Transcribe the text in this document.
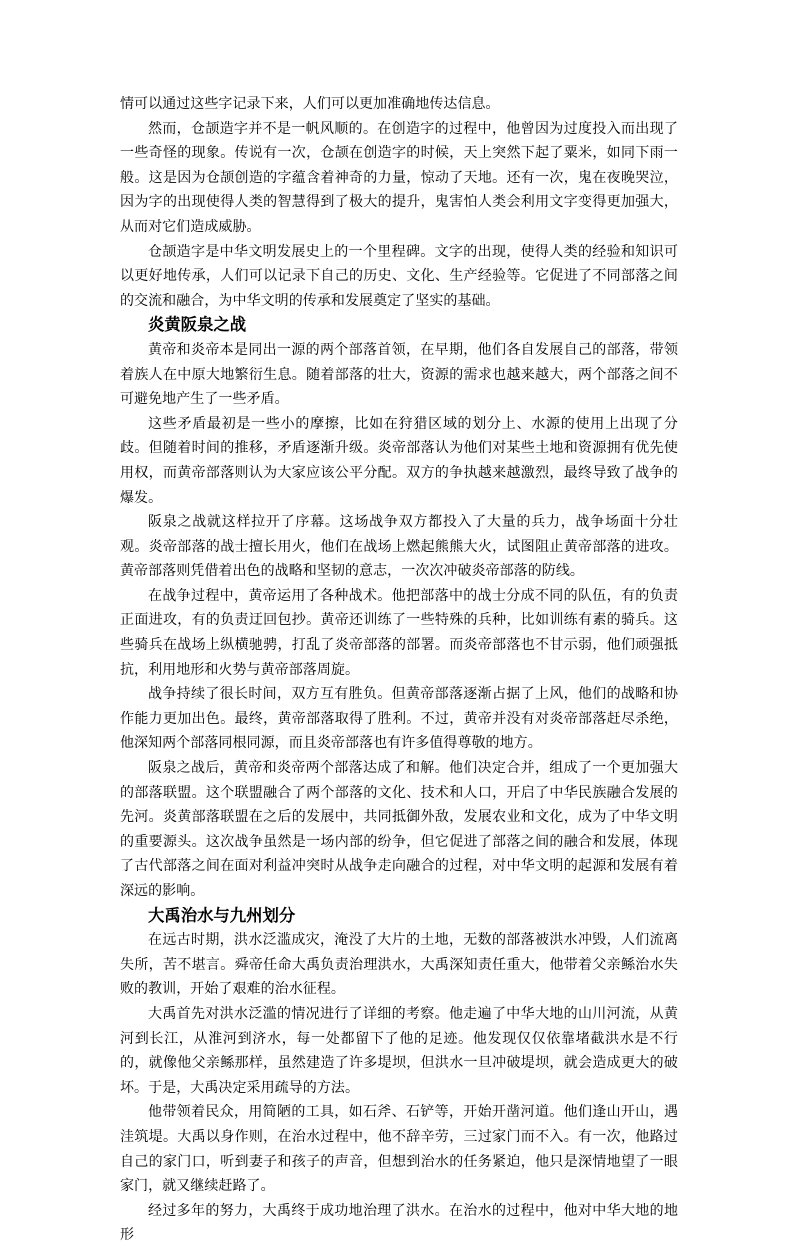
情可以通过这些字记录下来，人们可以更加准确地传达信息。

然而，仓颉造字并不是一帆风顺的。在创造字的过程中，他曾因为过度投入而出现了一些奇怪的现象。传说有一次，仓颉在创造字的时候，天上突然下起了粟米，如同下雨一般。这是因为仓颉创造的字蕴含着神奇的力量，惊动了天地。还有一次，鬼在夜晚哭泣，因为字的出现使得人类的智慧得到了极大的提升，鬼害怕人类会利用文字变得更加强大，从而对它们造成威胁。

仓颉造字是中华文明发展史上的一个里程碑。文字的出现，使得人类的经验和知识可以更好地传承，人们可以记录下自己的历史、文化、生产经验等。它促进了不同部落之间的交流和融合，为中华文明的传承和发展奠定了坚实的基础。

炎黄阪泉之战

黄帝和炎帝本是同出一源的两个部落首领，在早期，他们各自发展自己的部落，带领着族人在中原大地繁衍生息。随着部落的壮大，资源的需求也越来越大，两个部落之间不可避免地产生了一些矛盾。

这些矛盾最初是一些小的摩擦，比如在狩猎区域的划分上、水源的使用上出现了分歧。但随着时间的推移，矛盾逐渐升级。炎帝部落认为他们对某些土地和资源拥有优先使用权，而黄帝部落则认为大家应该公平分配。双方的争执越来越激烈，最终导致了战争的爆发。

阪泉之战就这样拉开了序幕。这场战争双方都投入了大量的兵力，战争场面十分壮观。炎帝部落的战士擅长用火，他们在战场上燃起熊熊大火，试图阻止黄帝部落的进攻。黄帝部落则凭借着出色的战略和坚韧的意志，一次次冲破炎帝部落的防线。

在战争过程中，黄帝运用了各种战术。他把部落中的战士分成不同的队伍，有的负责正面进攻，有的负责迂回包抄。黄帝还训练了一些特殊的兵种，比如训练有素的骑兵。这些骑兵在战场上纵横驰骋，打乱了炎帝部落的部署。而炎帝部落也不甘示弱，他们顽强抵抗，利用地形和火势与黄帝部落周旋。

战争持续了很长时间，双方互有胜负。但黄帝部落逐渐占据了上风，他们的战略和协作能力更加出色。最终，黄帝部落取得了胜利。不过，黄帝并没有对炎帝部落赶尽杀绝，他深知两个部落同根同源，而且炎帝部落也有许多值得尊敬的地方。

阪泉之战后，黄帝和炎帝两个部落达成了和解。他们决定合并，组成了一个更加强大的部落联盟。这个联盟融合了两个部落的文化、技术和人口，开启了中华民族融合发展的先河。炎黄部落联盟在之后的发展中，共同抵御外敌，发展农业和文化，成为了中华文明的重要源头。这次战争虽然是一场内部的纷争，但它促进了部落之间的融合和发展，体现了古代部落之间在面对利益冲突时从战争走向融合的过程，对中华文明的起源和发展有着深远的影响。

大禹治水与九州划分

在远古时期，洪水泛滥成灾，淹没了大片的土地，无数的部落被洪水冲毁，人们流离失所，苦不堪言。舜帝任命大禹负责治理洪水，大禹深知责任重大，他带着父亲鲧治水失败的教训，开始了艰难的治水征程。

大禹首先对洪水泛滥的情况进行了详细的考察。他走遍了中华大地的山川河流，从黄河到长江，从淮河到济水，每一处都留下了他的足迹。他发现仅仅依靠堵截洪水是不行的，就像他父亲鲧那样，虽然建造了许多堤坝，但洪水一旦冲破堤坝，就会造成更大的破坏。于是，大禹决定采用疏导的方法。

他带领着民众，用简陋的工具，如石斧、石铲等，开始开凿河道。他们逢山开山，遇洼筑堤。大禹以身作则，在治水过程中，他不辞辛劳，三过家门而不入。有一次，他路过自己的家门口，听到妻子和孩子的声音，但想到治水的任务紧迫，他只是深情地望了一眼家门，就又继续赶路了。

经过多年的努力，大禹终于成功地治理了洪水。在治水的过程中，他对中华大地的地形
